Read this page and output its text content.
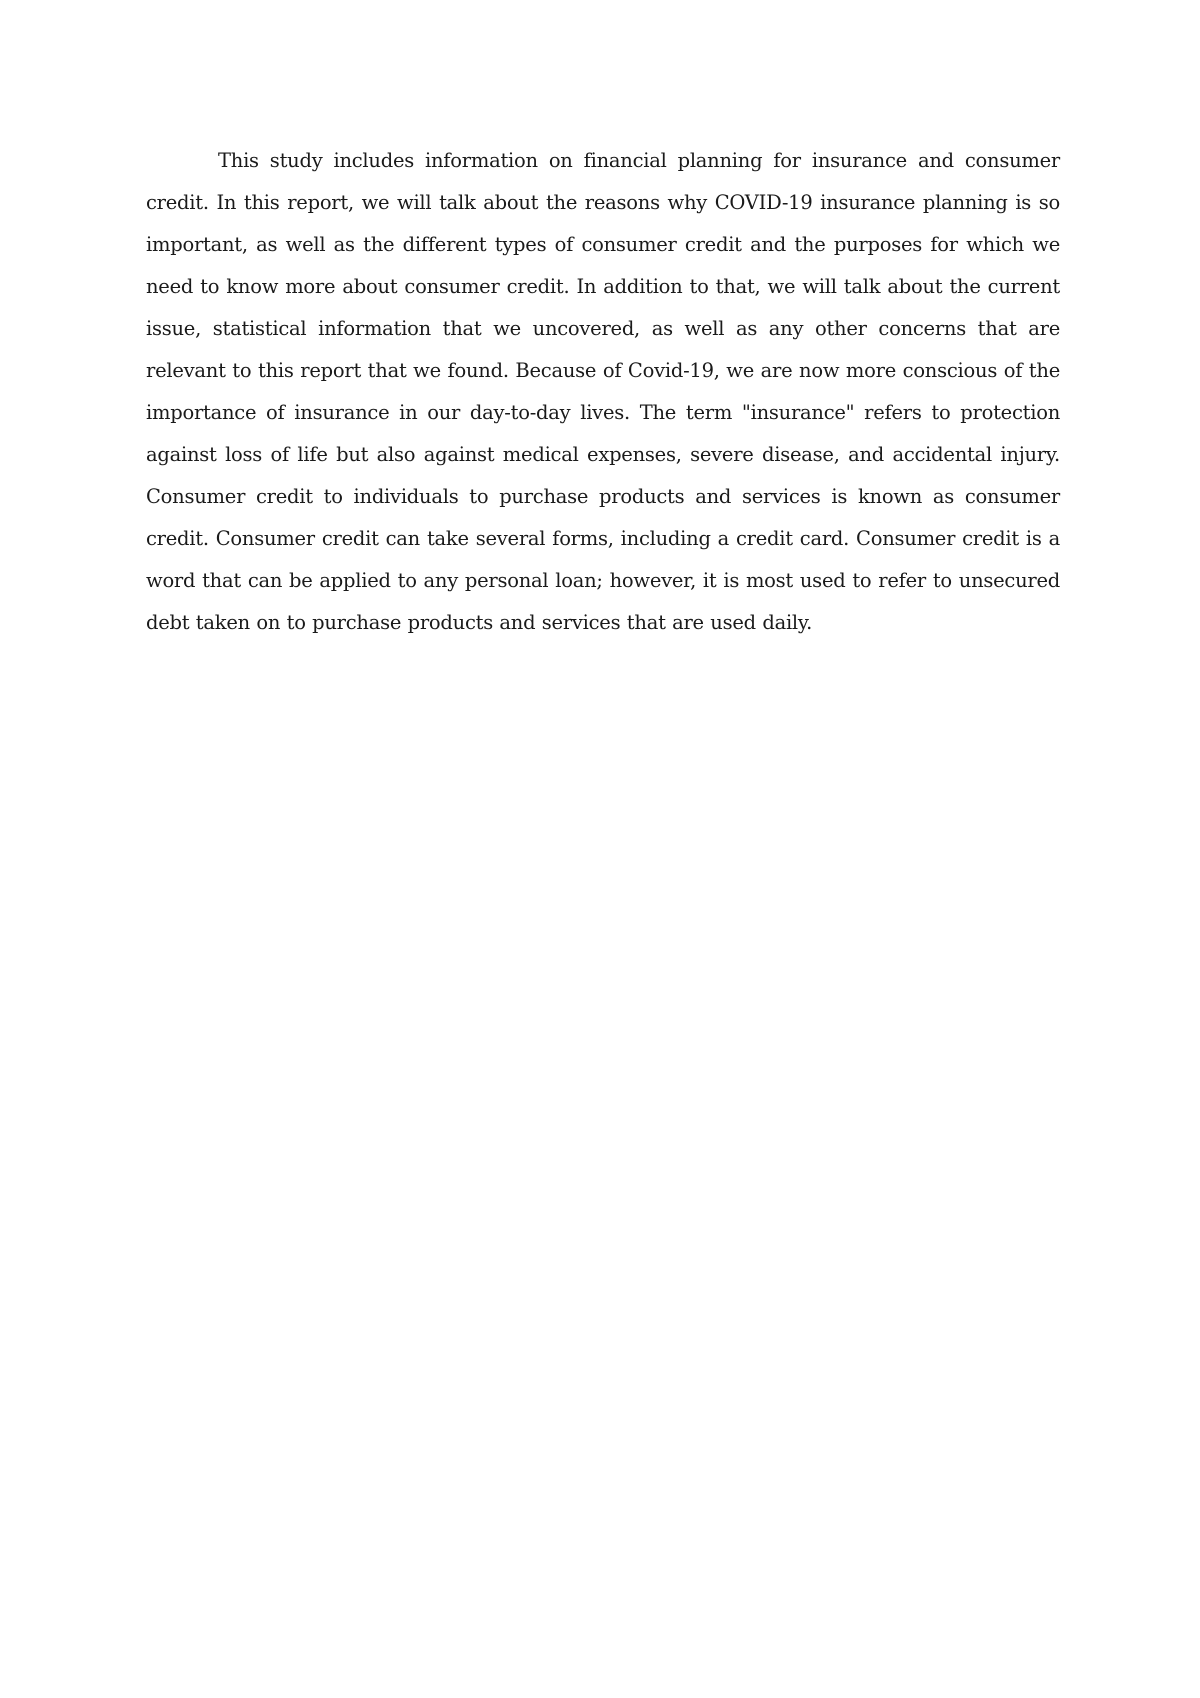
This study includes information on financial planning for insurance and consumer credit. In this report, we will talk about the reasons why COVID-19 insurance planning is so important, as well as the different types of consumer credit and the purposes for which we need to know more about consumer credit. In addition to that, we will talk about the current issue, statistical information that we uncovered, as well as any other concerns that are relevant to this report that we found. Because of Covid-19, we are now more conscious of the importance of insurance in our day-to-day lives. The term "insurance" refers to protection against loss of life but also against medical expenses, severe disease, and accidental injury. Consumer credit to individuals to purchase products and services is known as consumer credit. Consumer credit can take several forms, including a credit card. Consumer credit is a word that can be applied to any personal loan; however, it is most used to refer to unsecured debt taken on to purchase products and services that are used daily.
